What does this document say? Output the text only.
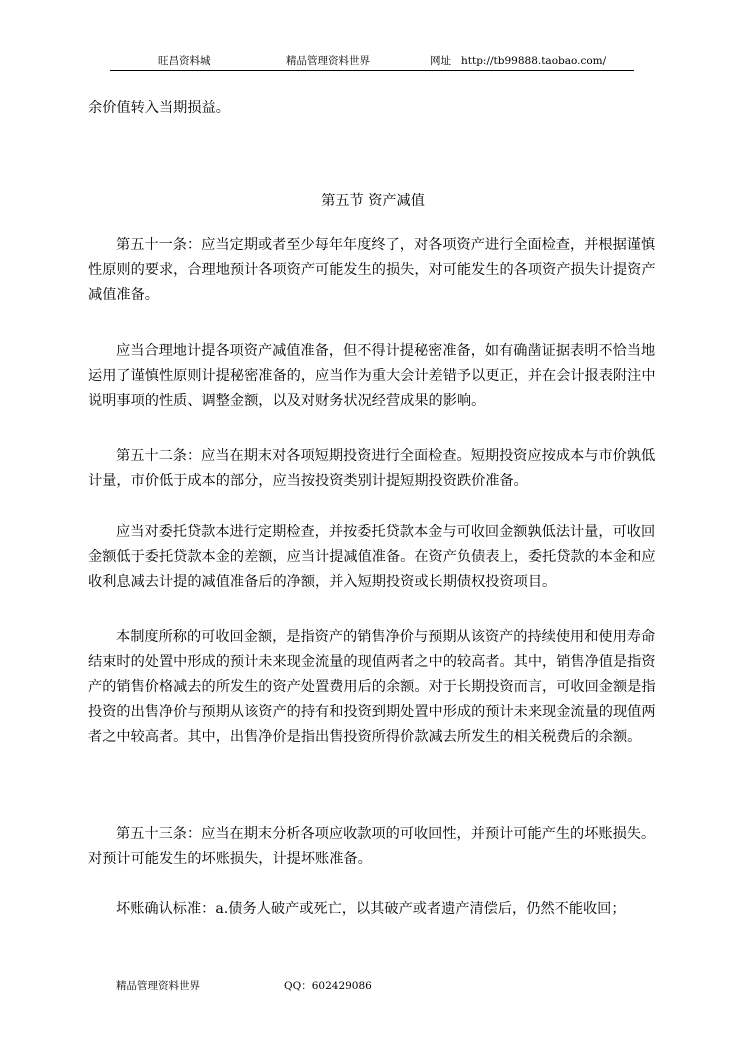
旺昌资料城	精品管理资料世界	网址 http://tb99888.taobao.com/

余价值转入当期损益。

第五节 资产减值

第五十一条：应当定期或者至少每年年度终了，对各项资产进行全面检查，并根据谨慎性原则的要求，合理地预计各项资产可能发生的损失，对可能发生的各项资产损失计提资产减值准备。

应当合理地计提各项资产减值准备，但不得计提秘密准备，如有确凿证据表明不恰当地运用了谨慎性原则计提秘密准备的，应当作为重大会计差错予以更正，并在会计报表附注中说明事项的性质、调整金额，以及对财务状况经营成果的影响。

第五十二条：应当在期末对各项短期投资进行全面检查。短期投资应按成本与市价孰低计量，市价低于成本的部分，应当按投资类别计提短期投资跌价准备。

应当对委托贷款本进行定期检查，并按委托贷款本金与可收回金额孰低法计量，可收回金额低于委托贷款本金的差额，应当计提减值准备。在资产负债表上，委托贷款的本金和应收利息减去计提的减值准备后的净额，并入短期投资或长期债权投资项目。

本制度所称的可收回金额，是指资产的销售净价与预期从该资产的持续使用和使用寿命结束时的处置中形成的预计未来现金流量的现值两者之中的较高者。其中，销售净值是指资产的销售价格减去的所发生的资产处置费用后的余额。对于长期投资而言，可收回金额是指投资的出售净价与预期从该资产的持有和投资到期处置中形成的预计未来现金流量的现值两者之中较高者。其中，出售净价是指出售投资所得价款减去所发生的相关税费后的余额。

第五十三条：应当在期末分析各项应收款项的可收回性，并预计可能产生的坏账损失。对预计可能发生的坏账损失，计提坏账准备。

坏账确认标准：a.债务人破产或死亡，以其破产或者遗产清偿后，仍然不能收回；

精品管理资料世界	QQ：602429086
